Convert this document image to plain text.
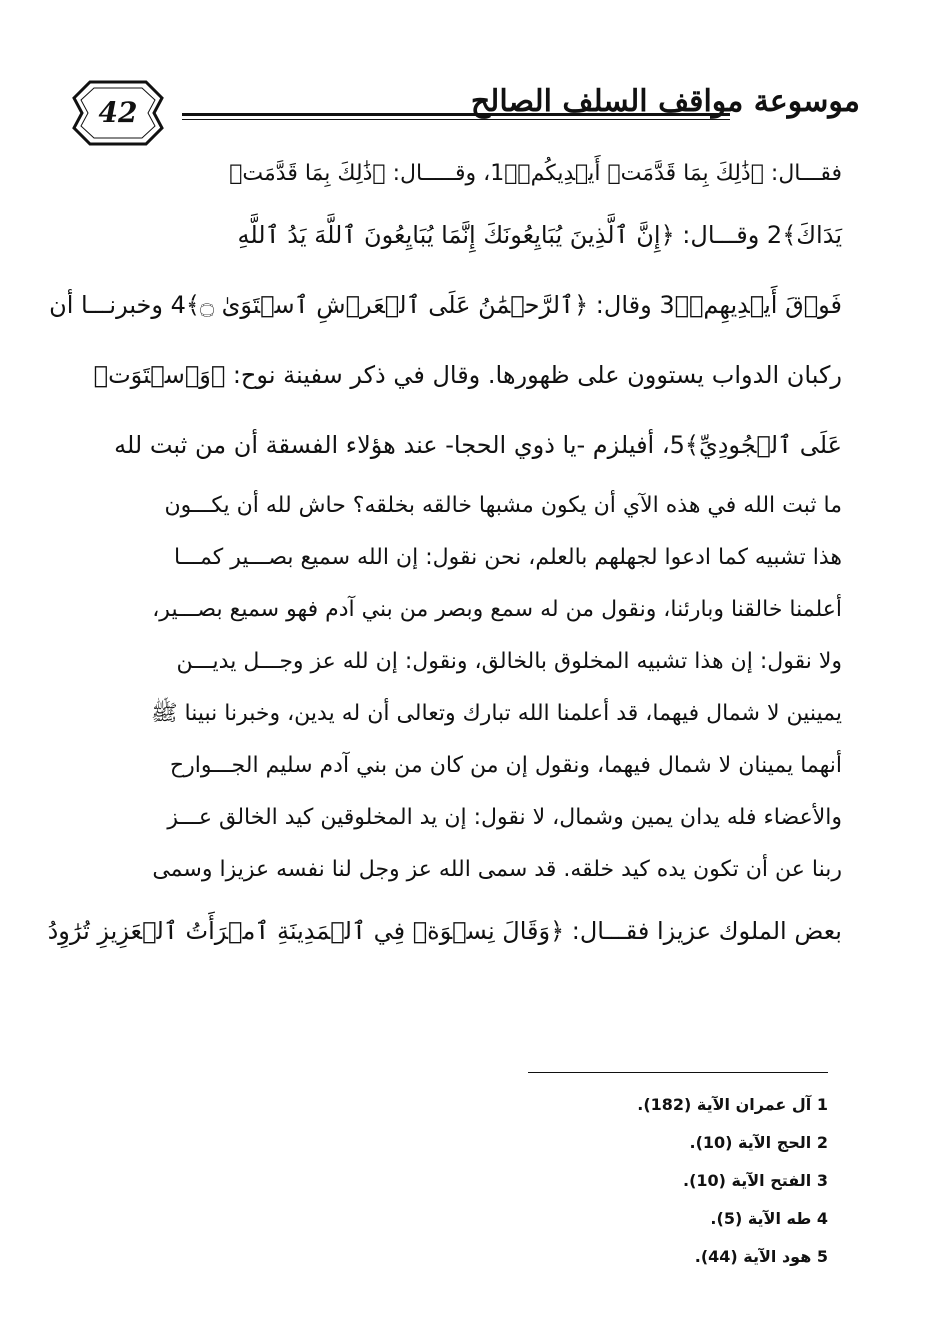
موسوعة مواقف السلف الصالح
42
فقـــال: ﴿ذَٰلِكَ بِمَا قَدَّمَتۡ أَيۡدِيكُمۡ﴾1، وقـــــال: ﴿ذَٰلِكَ بِمَا قَدَّمَتۡ
يَدَاكَ﴾2 وقـــال: ﴿إِنَّ ٱلَّذِينَ يُبَايِعُونَكَ إِنَّمَا يُبَايِعُونَ ٱللَّهَ يَدُ ٱللَّهِ
فَوۡقَ أَيۡدِيهِمۡ﴾3 وقال: ﴿ٱلرَّحۡمَٰنُ عَلَى ٱلۡعَرۡشِ ٱسۡتَوَىٰ ۝﴾4 وخبرنـــا أن
ركبان الدواب يستوون على ظهورها. وقال في ذكر سفينة نوح: ﴿وَٱسۡتَوَتۡ
عَلَى ٱلۡجُودِيِّ﴾5، أفيلزم -يا ذوي الحجا- عند هؤلاء الفسقة أن من ثبت لله
ما ثبت الله في هذه الآي أن يكون مشبها خالقه بخلقه؟ حاش لله أن يكـــون
هذا تشبيه كما ادعوا لجهلهم بالعلم، نحن نقول: إن الله سميع بصـــير كمـــا
أعلمنا خالقنا وبارئنا، ونقول من له سمع وبصر من بني آدم فهو سميع بصـــير،
ولا نقول: إن هذا تشبيه المخلوق بالخالق، ونقول: إن لله عز وجـــل يديـــن
يمينين لا شمال فيهما، قد أعلمنا الله تبارك وتعالى أن له يدين، وخبرنا نبينا ﷺ
أنهما يمينان لا شمال فيهما، ونقول إن من كان من بني آدم سليم الجـــوارح
والأعضاء فله يدان يمين وشمال، لا نقول: إن يد المخلوقين كيد الخالق عـــز
ربنا عن أن تكون يده كيد خلقه. قد سمى الله عز وجل لنا نفسه عزيزا وسمى
بعض الملوك عزيزا فقـــال: ﴿وَقَالَ نِسۡوَةٞ فِي ٱلۡمَدِينَةِ ٱمۡرَأَتُ ٱلۡعَزِيزِ تُرَٰوِدُ
1 آل عمران الآية (182).
2 الحج الآية (10).
3 الفتح الآية (10).
4 طه الآية (5).
5 هود الآية (44).
